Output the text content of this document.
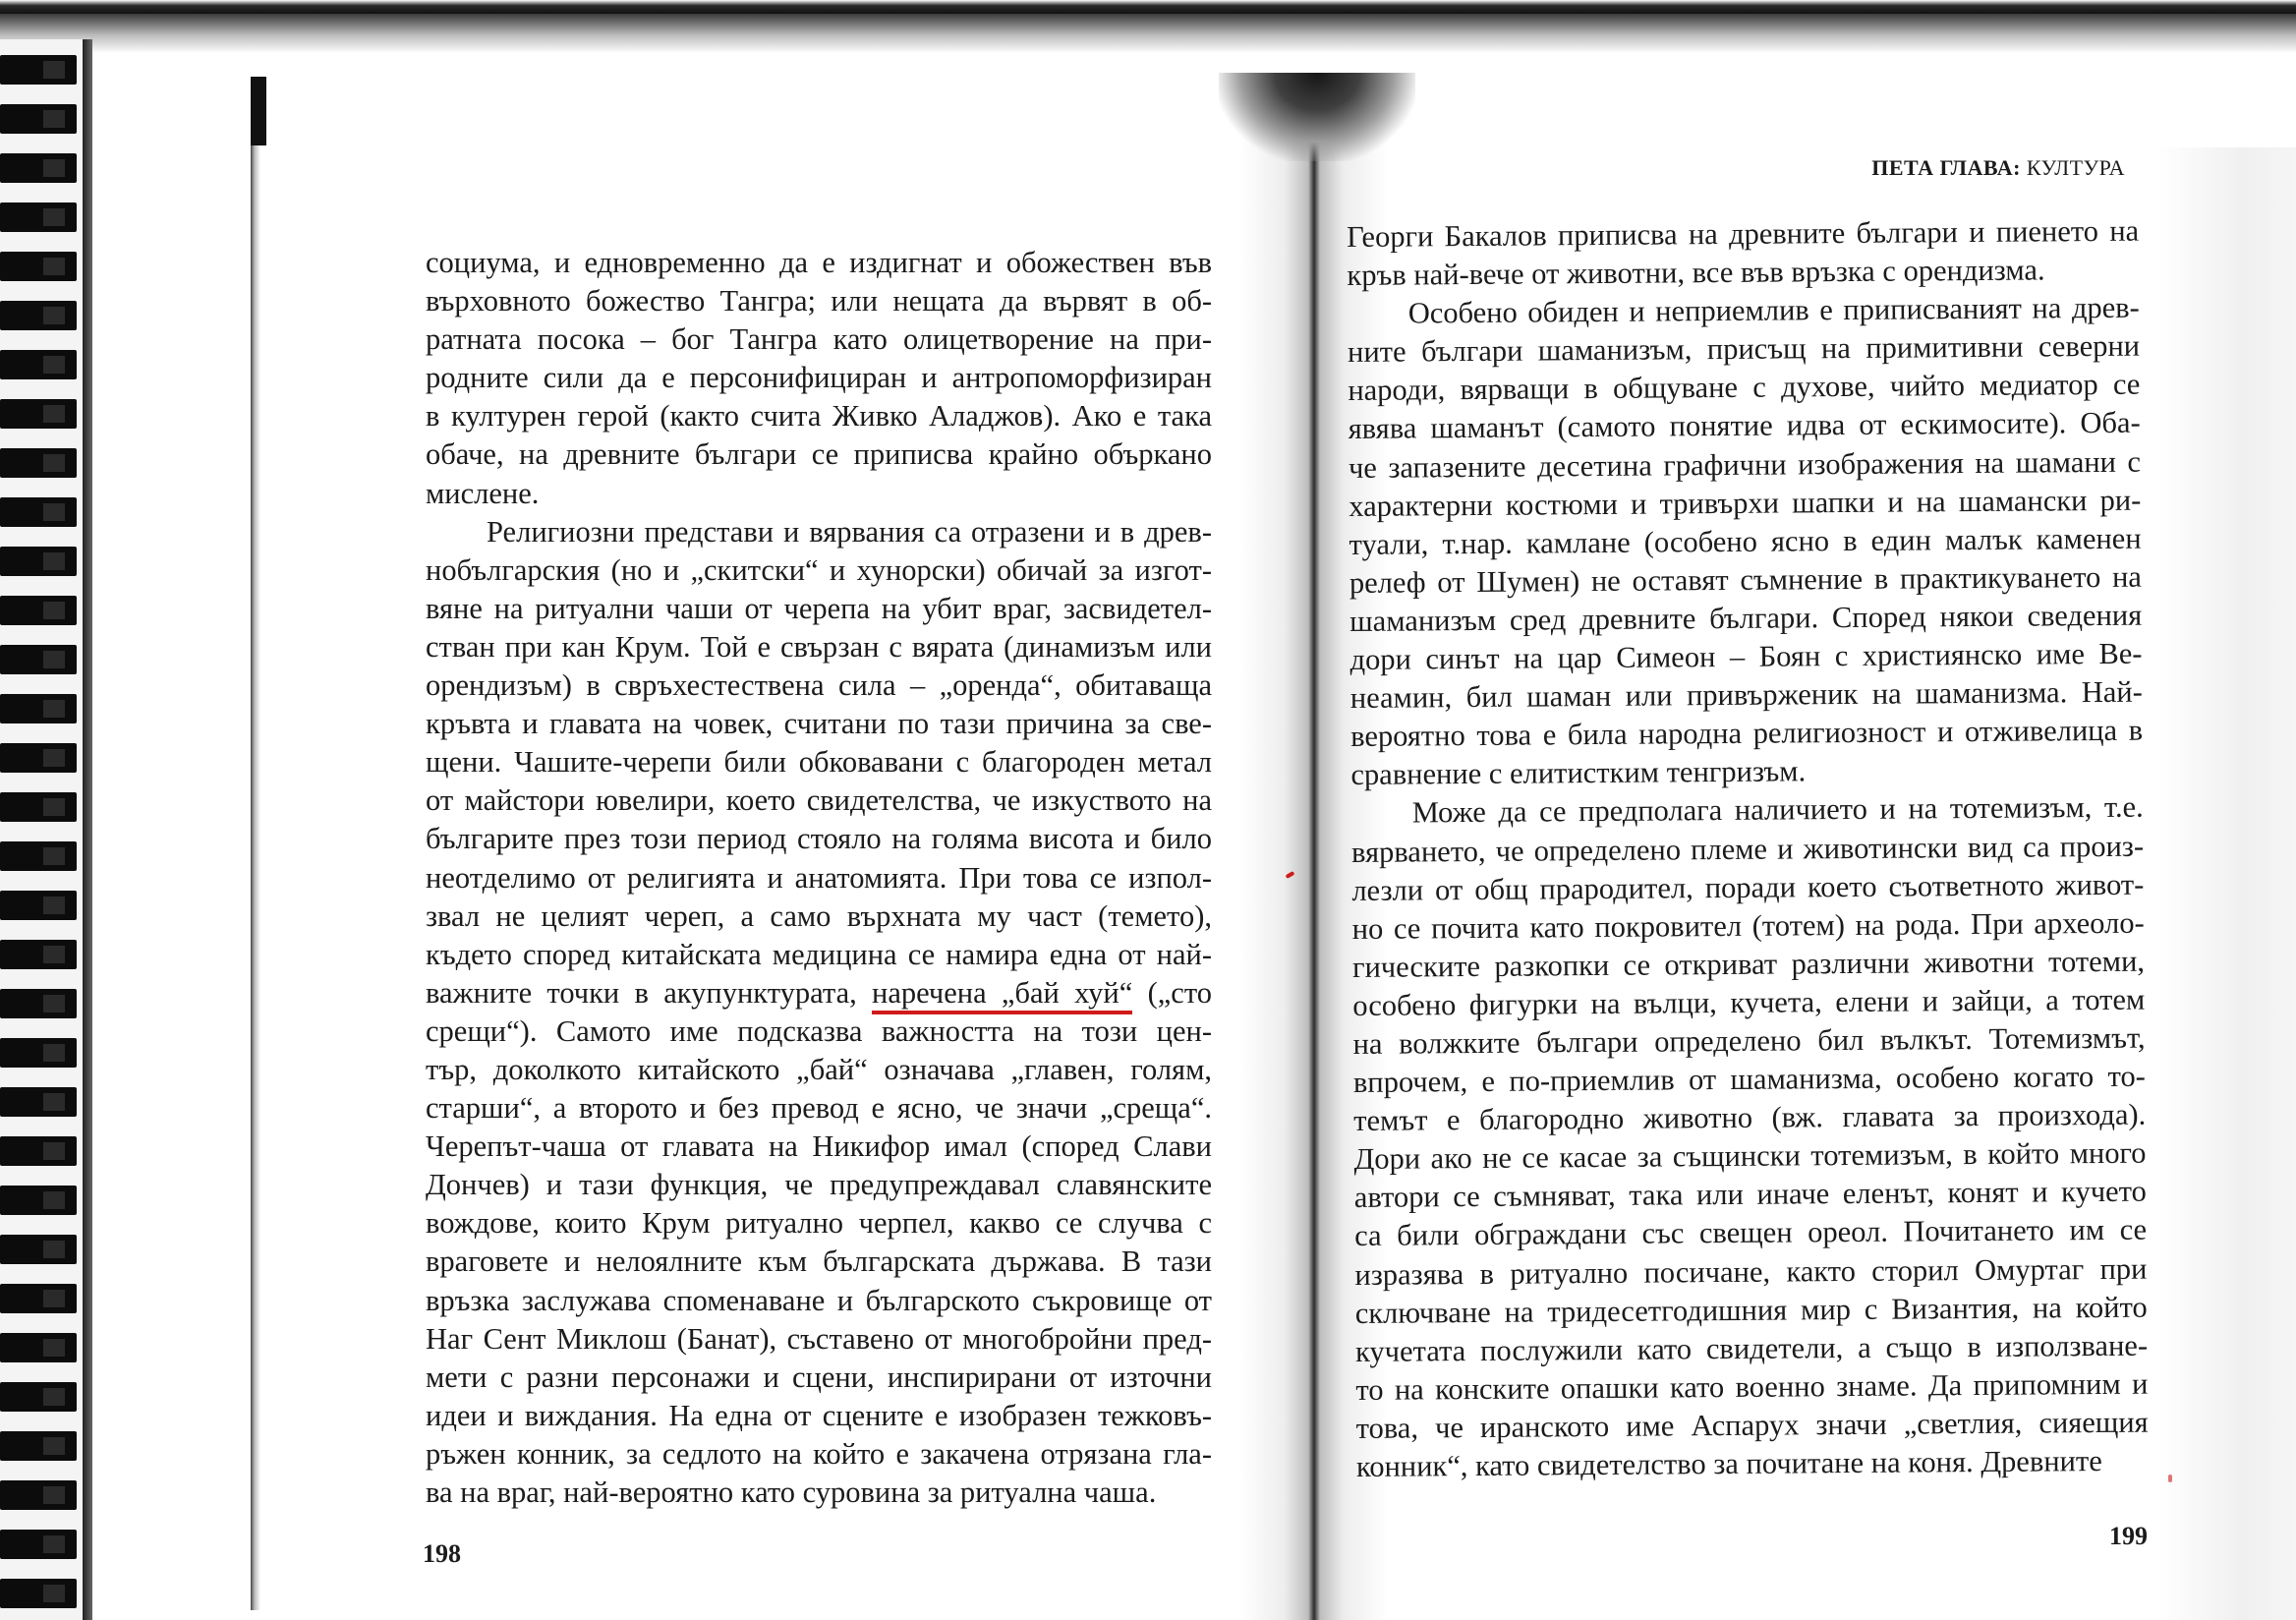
ПЕТА ГЛАВА: КУЛТУРА

социума, и едновременно да е издигнат и обожествен във

върховното божество Тангра; или нещата да вървят в об-

ратната посока – бог Тангра като олицетворение на при-

родните сили да е персонифициран и антропоморфизиран

в културен герой (както счита Живко Аладжов). Ако е така

обаче, на древните българи се приписва крайно объркано

мислене.

Религиозни представи и вярвания са отразени и в древ-

нобългарския (но и „скитски“ и хунорски) обичай за изгот-

вяне на ритуални чаши от черепа на убит враг, засвидетел-

стван при кан Крум. Той е свързан с вярата (динамизъм или

орендизъм) в свръхестествена сила – „оренда“, обитаваща

кръвта и главата на човек, считани по тази причина за све-

щени. Чашите-черепи били обковавани с благороден метал

от майстори ювелири, което свидетелства, че изкуството на

българите през този период стояло на голяма висота и било

неотделимо от религията и анатомията. При това се изпол-

звал не целият череп, а само върхната му част (темето),

където според китайската медицина се намира една от най-

важните точки в акупунктурата, наречена „бай хуй“ („сто

срещи“). Самото име подсказва важността на този цен-

тър, доколкото китайското „бай“ означава „главен, голям,

старши“, а второто и без превод е ясно, че значи „среща“.

Черепът-чаша от главата на Никифор имал (според Слави

Дончев) и тази функция, че предупреждавал славянските

вождове, които Крум ритуално черпел, какво се случва с

враговете и нелоялните към българската държава. В тази

връзка заслужава споменаване и българското съкровище от

Наг Сент Миклош (Банат), съставено от многобройни пред-

мети с разни персонажи и сцени, инспирирани от източни

идеи и виждания. На една от сцените е изобразен тежковъ-

ръжен конник, за седлото на който е закачена отрязана гла-

ва на враг, най-вероятно като суровина за ритуална чаша.

Георги Бакалов приписва на древните българи и пиенето на

кръв най-вече от животни, все във връзка с орендизма.

Особено обиден и неприемлив е приписваният на древ-

ните българи шаманизъм, присъщ на примитивни северни

народи, вярващи в общуване с духове, чийто медиатор се

явява шаманът (самото понятие идва от ескимосите). Оба-

че запазените десетина графични изображения на шамани с

характерни костюми и тривърхи шапки и на шамански ри-

туали, т.нар. камлане (особено ясно в един малък каменен

релеф от Шумен) не оставят съмнение в практикуването на

шаманизъм сред древните българи. Според някои сведения

дори синът на цар Симеон – Боян с християнско име Ве-

неамин, бил шаман или привърженик на шаманизма. Най-

вероятно това е била народна религиозност и отживелица в

сравнение с елитистким тенгризъм.

Може да се предполага наличието и на тотемизъм, т.е.

вярването, че определено племе и животински вид са произ-

лезли от общ прародител, поради което съответното живот-

но се почита като покровител (тотем) на рода. При археоло-

гическите разкопки се откриват различни животни тотеми,

особено фигурки на вълци, кучета, елени и зайци, а тотем

на волжките българи определено бил вълкът. Тотемизмът,

впрочем, е по-приемлив от шаманизма, особено когато то-

темът е благородно животно (вж. главата за произхода).

Дори ако не се касае за същински тотемизъм, в който много

автори се съмняват, така или иначе еленът, конят и кучето

са били обграждани със свещен ореол. Почитането им се

изразява в ритуално посичане, както сторил Омуртаг при

сключване на тридесетгодишния мир с Византия, на който

кучетата послужили като свидетели, а също в използване-

то на конските опашки като военно знаме. Да припомним и

това, че иранското име Аспарух значи „светлия, сияещия

конник“, като свидетелство за почитане на коня. Древните

198
199
